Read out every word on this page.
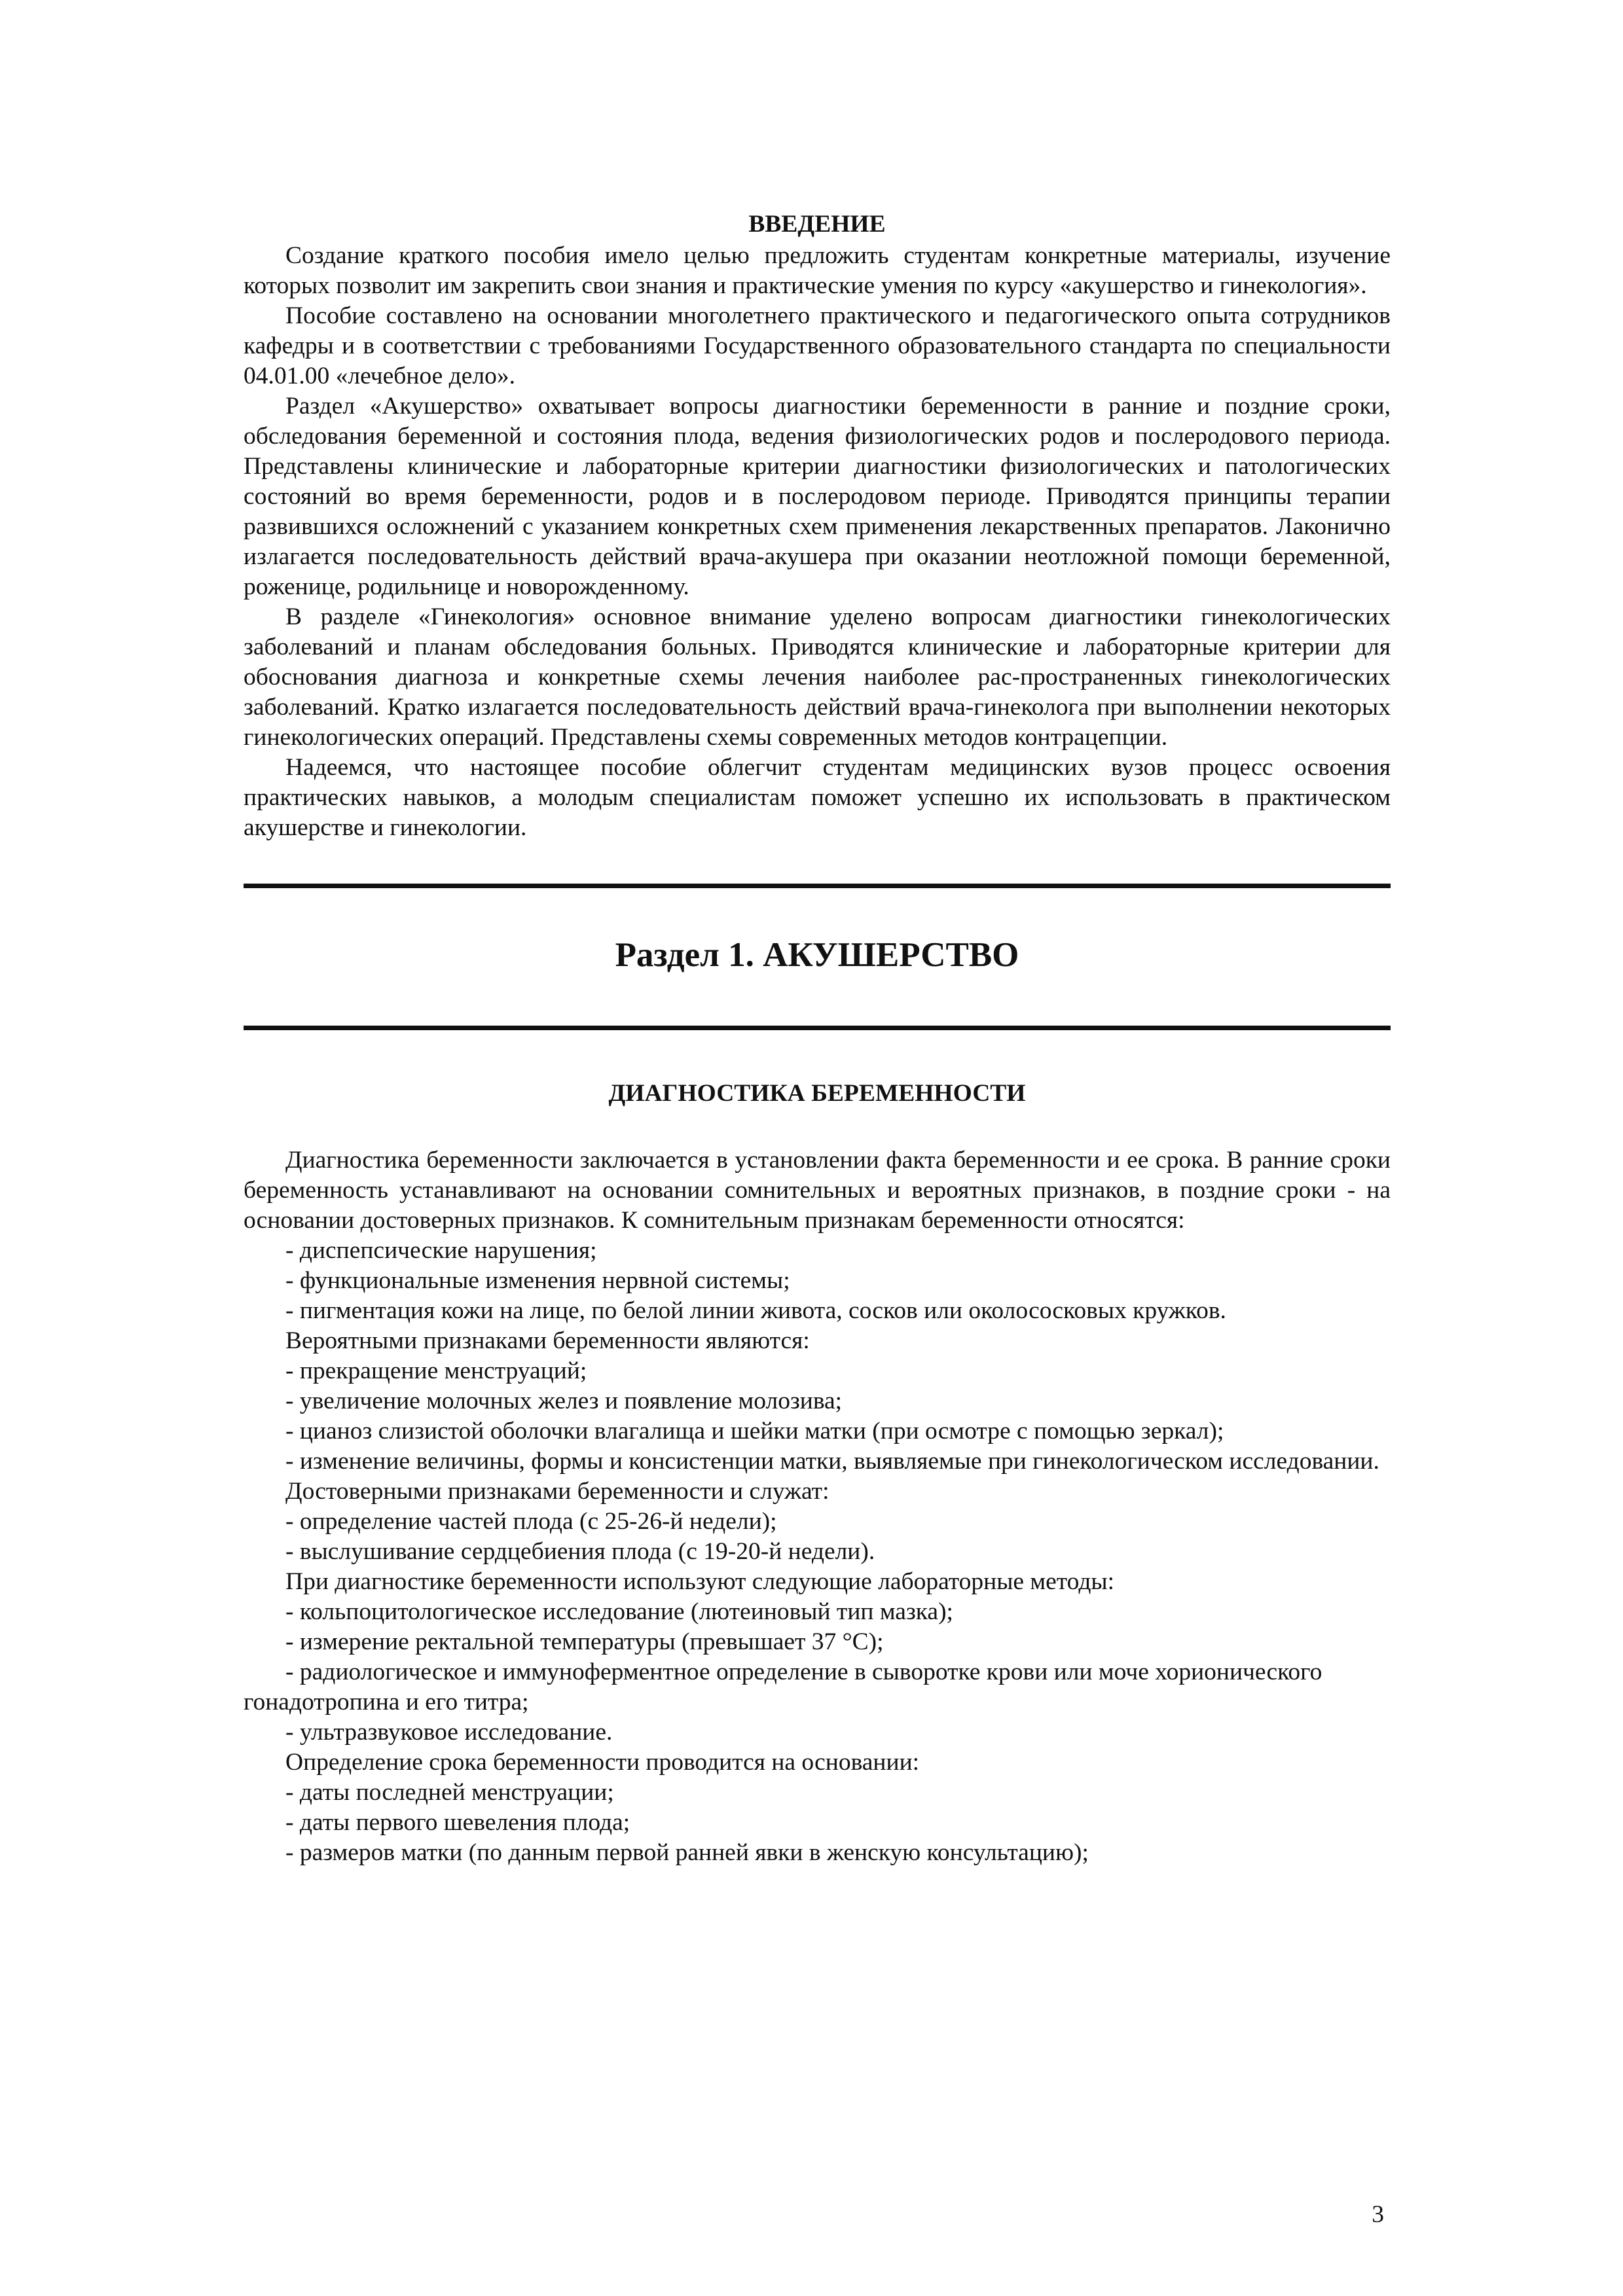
ВВЕДЕНИЕ

Создание краткого пособия имело целью предложить студентам конкретные материалы, изучение которых позволит им закрепить свои знания и практические умения по курсу «акушерство и гинекология».

Пособие составлено на основании многолетнего практического и педагогического опыта сотрудников кафедры и в соответствии с требованиями Государственного образовательного стандарта по специальности 04.01.00 «лечебное дело».

Раздел «Акушерство» охватывает вопросы диагностики беременности в ранние и поздние сроки, обследования беременной и состояния плода, ведения физиологических родов и послеродового периода. Представлены клинические и лабораторные критерии диагностики физиологических и патологических состояний во время беременности, родов и в послеродовом периоде. Приводятся принципы терапии развившихся осложнений с указанием конкретных схем применения лекарственных препаратов. Лаконично излагается последовательность действий врача-акушера при оказании неотложной помощи беременной, роженице, родильнице и новорожденному.

В разделе «Гинекология» основное внимание уделено вопросам диагностики гинекологических заболеваний и планам обследования больных. Приводятся клинические и лабораторные критерии для обоснования диагноза и конкретные схемы лечения наиболее рас-пространенных гинекологических заболеваний. Кратко излагается последовательность действий врача-гинеколога при выполнении некоторых гинекологических операций. Представлены схемы современных методов контрацепции.

Надеемся, что настоящее пособие облегчит студентам медицинских вузов процесс освоения практических навыков, а молодым специалистам поможет успешно их использовать в практическом акушерстве и гинекологии.

Раздел 1. АКУШЕРСТВО
ДИАГНОСТИКА БЕРЕМЕННОСТИ

Диагностика беременности заключается в установлении факта беременности и ее срока. В ранние сроки беременность устанавливают на основании сомнительных и вероятных признаков, в поздние сроки - на основании достоверных признаков. К сомнительным признакам беременности относятся:

- диспепсические нарушения;

- функциональные изменения нервной системы;

- пигментация кожи на лице, по белой линии живота, сосков или околососковых кружков.

Вероятными признаками беременности являются:

- прекращение менструаций;

- увеличение молочных желез и появление молозива;

- цианоз слизистой оболочки влагалища и шейки матки (при осмотре с помощью зеркал);

- изменение величины, формы и консистенции матки, выявляемые при гинекологическом исследовании.

Достоверными признаками беременности и служат:

- определение частей плода (с 25-26-й недели);

- выслушивание сердцебиения плода (с 19-20-й недели).

При диагностике беременности используют следующие лабораторные методы:

- кольпоцитологическое исследование (лютеиновый тип мазка);

- измерение ректальной температуры (превышает 37 °С);

- радиологическое и иммуноферментное определение в сыворотке крови или моче хорионического гонадотропина и его титра;

- ультразвуковое исследование.

Определение срока беременности проводится на основании:

- даты последней менструации;

- даты первого шевеления плода;

- размеров матки (по данным первой ранней явки в женскую консультацию);

3
